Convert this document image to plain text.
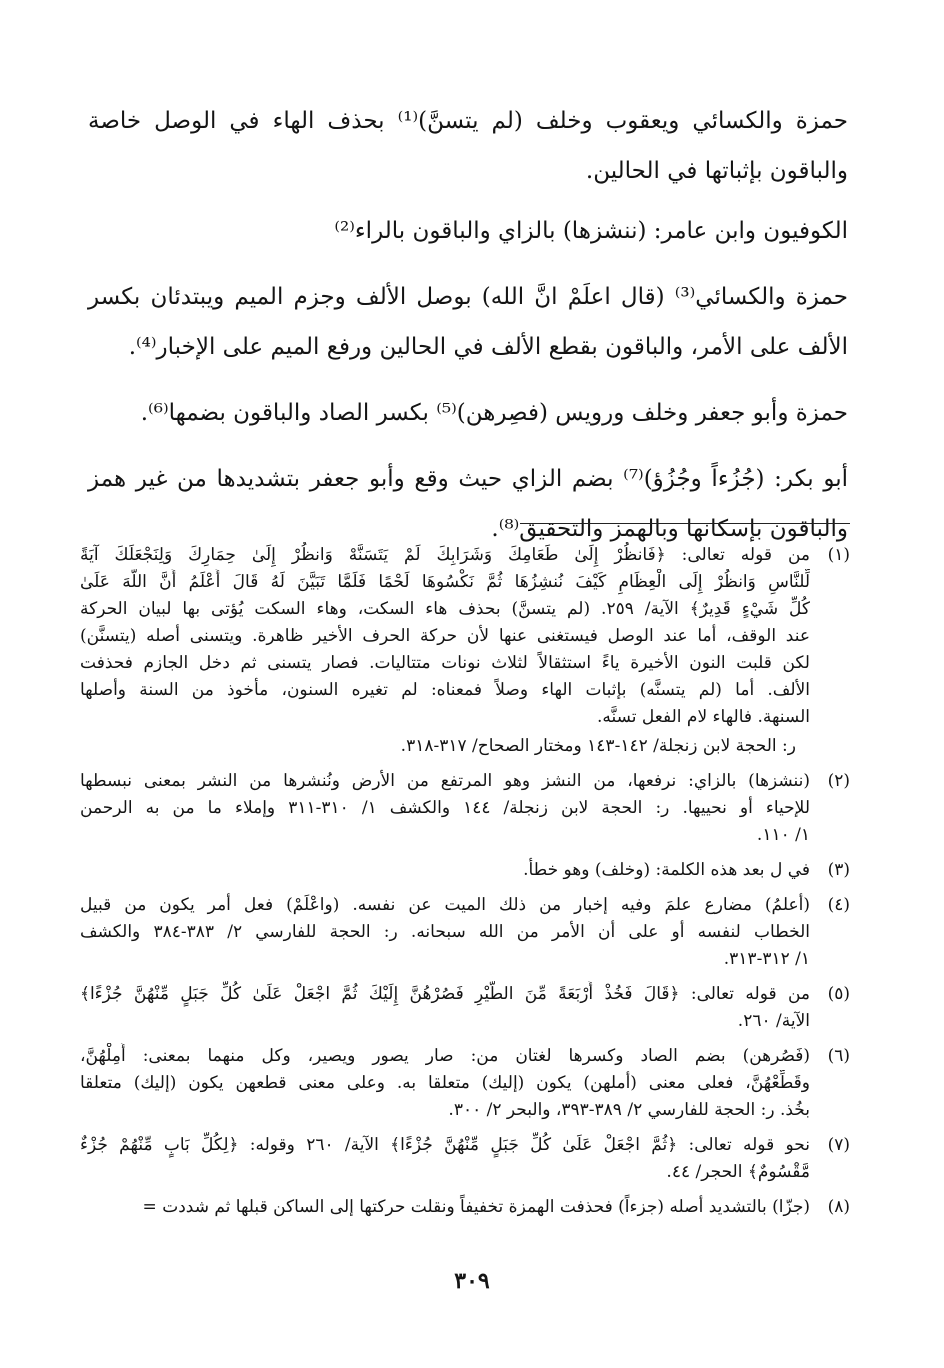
حمزة والكسائي ويعقوب وخلف (لم يتسنَّ)⁽¹⁾ بحذف الهاء في الوصل خاصة والباقون بإثباتها في الحالين.

الكوفيون وابن عامر: (ننشزها) بالزاي والباقون بالراء⁽²⁾

حمزة والكسائي⁽³⁾ (قال اعلَمْ انَّ الله) بوصل الألف وجزم الميم ويبتدئان بكسر الألف على الأمر، والباقون بقطع الألف في الحالين ورفع الميم على الإخبار⁽⁴⁾.

حمزة وأبو جعفر وخلف ورويس (فصِرهن)⁽⁵⁾ بكسر الصاد والباقون بضمها⁽⁶⁾.

أبو بكر: (جُزُءاً وجُزُؤ)⁽⁷⁾ بضم الزاي حيث وقع وأبو جعفر بتشديدها من غير همز والباقون بإسكانها وبالهمز والتحقيق⁽⁸⁾.

(١)
من قوله تعالى: ﴿فَانظُرْ إِلَىٰ طَعَامِكَ وَشَرَابِكَ لَمْ يَتَسَنَّهْ وَانظُرْ إِلَىٰ حِمَارِكَ وَلِنَجْعَلَكَ آيَةً
لِّلنَّاسِ وَانظُرْ إِلَى الْعِظَامِ كَيْفَ نُنشِزُهَا ثُمَّ نَكْسُوهَا لَحْمًا فَلَمَّا تَبَيَّنَ لَهُ قَالَ أَعْلَمُ أَنَّ اللَّهَ عَلَىٰ
كُلِّ شَيْءٍ قَدِيرٌ﴾ الآية/ ٢٥٩. (لم يتسنَّ) بحذف هاء السكت، وهاء السكت يُؤتى بها لبيان الحركة
عند الوقف، أما عند الوصل فيستغنى عنها لأن حركة الحرف الأخير ظاهرة. ويتسنى أصله (يتسنَّن)
لكن قلبت النون الأخيرة ياءً استثقالاً لثلاث نونات متتاليات. فصار يتسنى ثم دخل الجازم فحذفت
الألف. أما (لم يتسنَّه) بإثبات الهاء وصلاً فمعناه: لم تغيره السنون، مأخوذ من السنة وأصلها
السنهة. فالهاء لام الفعل تسنَّه.
ر: الحجة لابن زنجلة/ ١٤٢-١٤٣ ومختار الصحاح/ ٣١٧-٣١٨.
(٢)
(ننشزها) بالزاي: نرفعها، من النشز وهو المرتفع من الأرض ونُنشرها من النشر بمعنى نبسطها
للإحياء أو نحييها. ر: الحجة لابن زنجلة/ ١٤٤ والكشف ١/ ٣١٠-٣١١ وإملاء ما من به الرحمن
١/ ١١٠.
(٣)
في ل بعد هذه الكلمة: (وخلف) وهو خطأ.
(٤)
(أعلمُ) مضارع علمَ وفيه إخبار من ذلك الميت عن نفسه. (واعْلَمْ) فعل أمر يكون من قبيل
الخطاب لنفسه أو على أن الأمر من الله سبحانه. ر: الحجة للفارسي ٢/ ٣٨٣-٣٨٤ والكشف
١/ ٣١٢-٣١٣.
(٥)
من قوله تعالى: ﴿قَالَ فَخُذْ أَرْبَعَةً مِّنَ الطَّيْرِ فَصُرْهُنَّ إِلَيْكَ ثُمَّ اجْعَلْ عَلَىٰ كُلِّ جَبَلٍ مِّنْهُنَّ جُزْءًا﴾
الآية/ ٢٦٠.
(٦)
(فَصُرهن) بضم الصاد وكسرها لغتان من: صار يصور ويصير، وكل منهما بمعنى: أَمِلْهُنَّ،
وقَطِّعْهُنَّ، فعلى معنى (أملهن) يكون (إليك) متعلقا به. وعلى معنى قطعهن يكون (إليك) متعلقا
بخُذ. ر: الحجة للفارسي ٢/ ٣٨٩-٣٩٣، والبحر ٢/ ٣٠٠.
(٧)
نحو قوله تعالى: ﴿ثُمَّ اجْعَلْ عَلَىٰ كُلِّ جَبَلٍ مِّنْهُنَّ جُزْءًا﴾ الآية/ ٢٦٠ وقوله: ﴿لِكُلِّ بَابٍ مِّنْهُمْ جُزْءٌ
مَّقْسُومٌ﴾ الحجر/ ٤٤.
(٨)
(جزّا) بالتشديد أصله (جزءاً) فحذفت الهمزة تخفيفاً ونقلت حركتها إلى الساكن قبلها ثم شددت =
٣٠٩
